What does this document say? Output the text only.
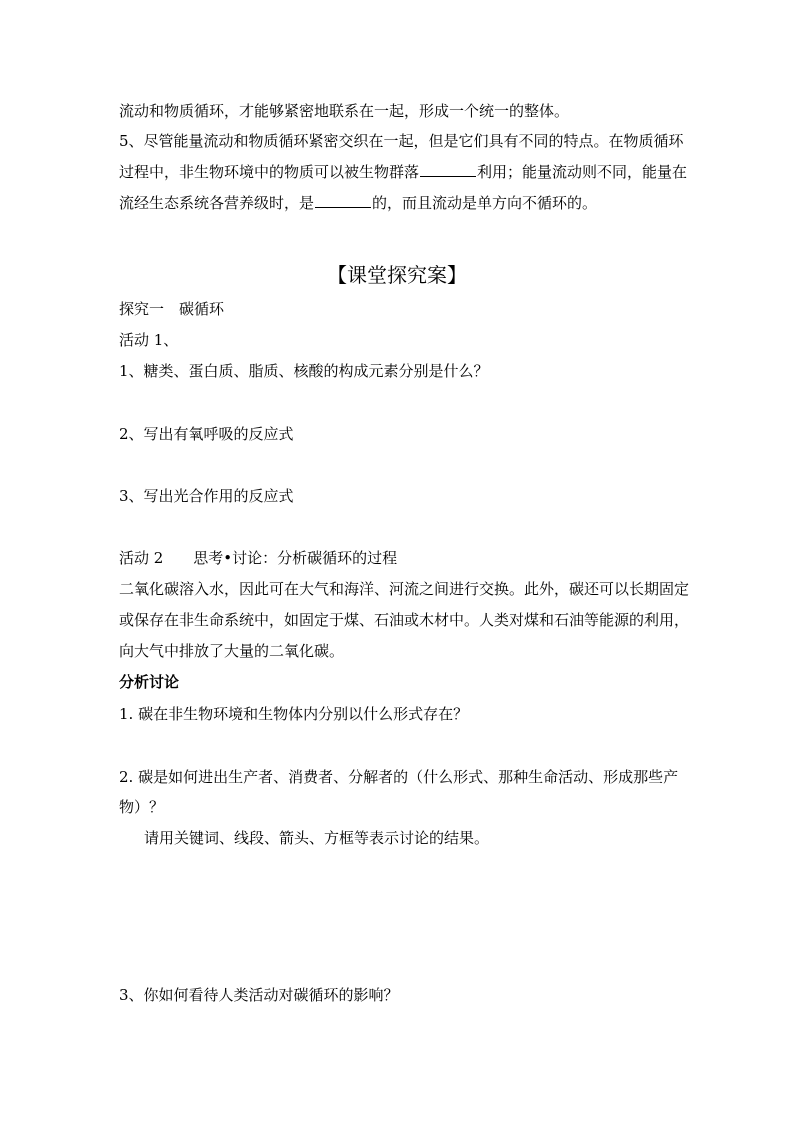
流动和物质循环，才能够紧密地联系在一起，形成一个统一的整体。
5、尽管能量流动和物质循环紧密交织在一起，但是它们具有不同的特点。在物质循环
过程中，非生物环境中的物质可以被生物群落	利用；能量流动则不同，能量在
流经生态系统各营养级时，是	的，而且流动是单方向不循环的。
【课堂探究案】
探究一　碳循环
活动 1、
1、糖类、蛋白质、脂质、核酸的构成元素分别是什么？
2、写出有氧呼吸的反应式
3、写出光合作用的反应式
活动 2　　思考•讨论：分析碳循环的过程
二氧化碳溶入水，因此可在大气和海洋、河流之间进行交换。此外，碳还可以长期固定
或保存在非生命系统中，如固定于煤、石油或木材中。人类对煤和石油等能源的利用，
向大气中排放了大量的二氧化碳。
分析讨论
1. 碳在非生物环境和生物体内分别以什么形式存在？
2. 碳是如何进出生产者、消费者、分解者的（什么形式、那种生命活动、形成那些产
物）？
请用关键词、线段、箭头、方框等表示讨论的结果。
3、你如何看待人类活动对碳循环的影响？
